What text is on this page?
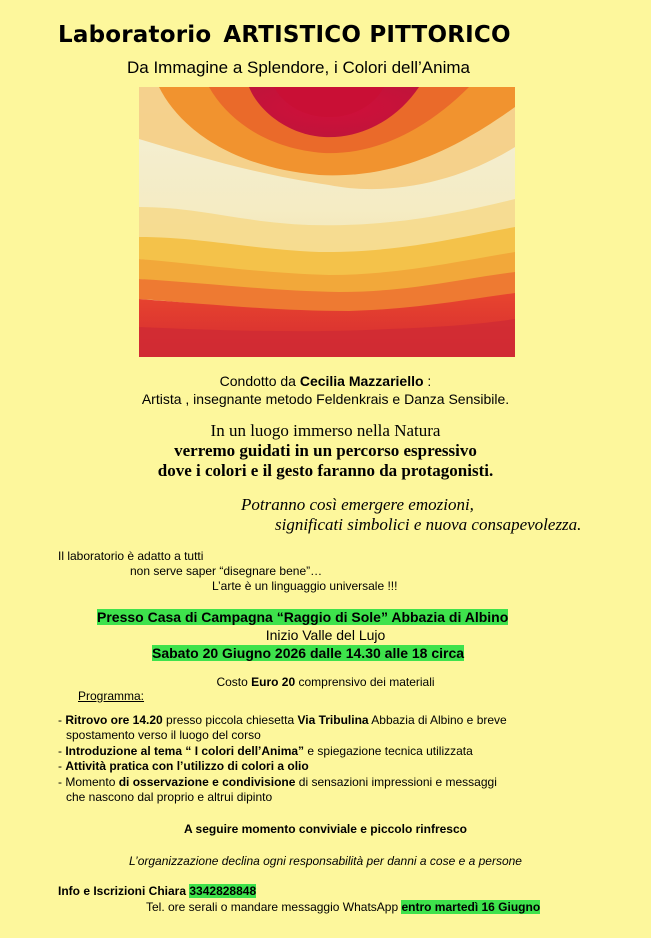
Laboratorio ARTISTICO PITTORICO
Da Immagine a Splendore, i Colori dell’Anima
Condotto da Cecilia Mazzariello :
Artista , insegnante metodo Feldenkrais e Danza Sensibile.
In un luogo immerso nella Natura
verremo guidati in un percorso espressivo
dove i colori e il gesto faranno da protagonisti.
Potranno così emergere emozioni,
significati simbolici e nuova consapevolezza.
Il laboratorio è adatto a tutti
non serve saper “disegnare bene”…
L’arte è un linguaggio universale !!!
Presso Casa di Campagna “Raggio di Sole” Abbazia di Albino
Inizio Valle del Lujo
Sabato 20 Giugno 2026 dalle 14.30 alle 18 circa
Costo Euro 20 comprensivo dei materiali
Programma:
- Ritrovo ore 14.20 presso piccola chiesetta Via Tribulina Abbazia di Albino e breve
spostamento verso il luogo del corso
- Introduzione al tema “ I colori dell’Anima” e spiegazione tecnica utilizzata
- Attività pratica con l’utilizzo di colori a olio
- Momento di osservazione e condivisione di sensazioni impressioni e messaggi
che nascono dal proprio e altrui dipinto
A seguire momento conviviale e piccolo rinfresco
L’organizzazione declina ogni responsabilità per danni a cose e a persone
Info e Iscrizioni Chiara 3342828848
Tel. ore serali o mandare messaggio WhatsApp entro martedì 16 Giugno
